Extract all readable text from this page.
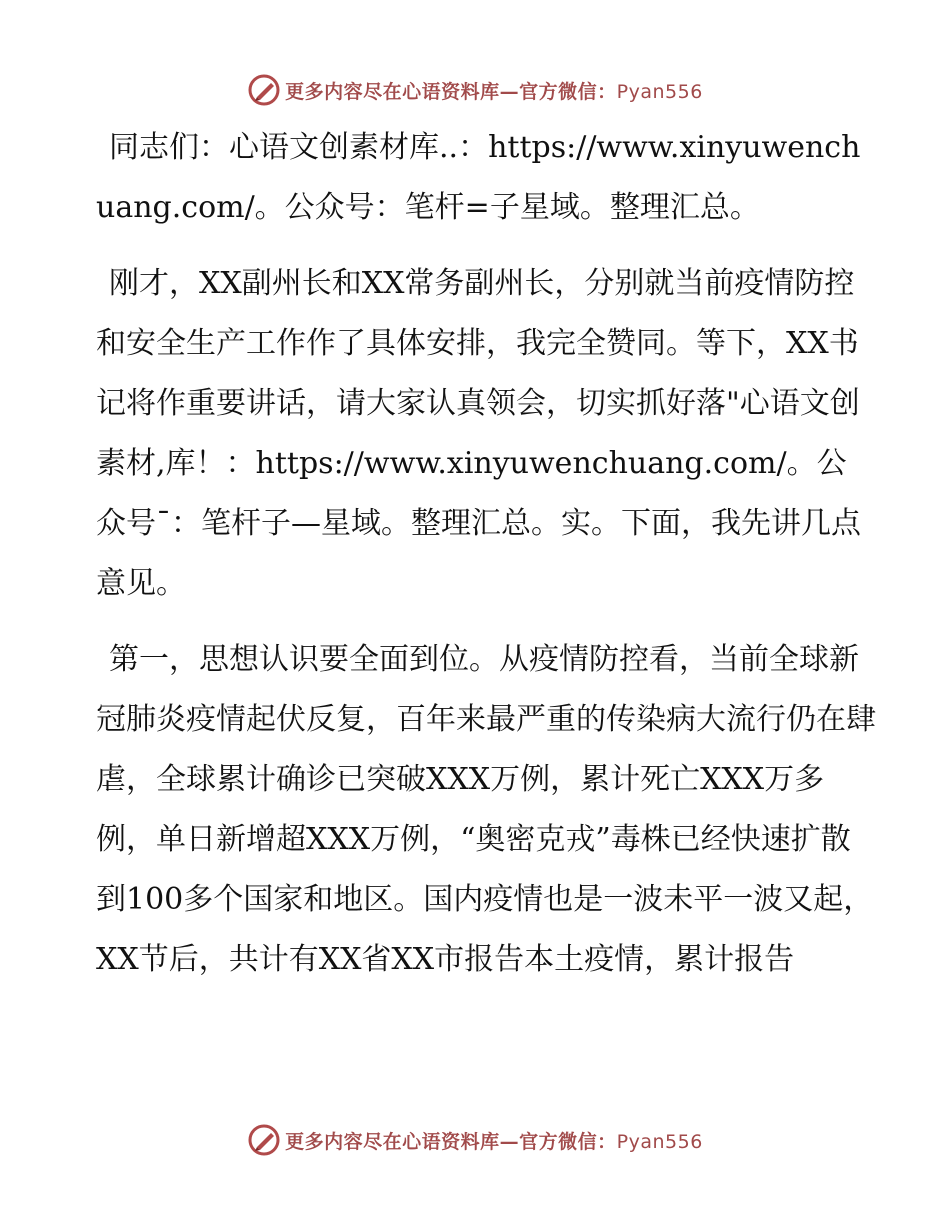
更多内容尽在心语资料库—官方微信：Pyan556

同志们：心语文创素材库..：https://www.xinyuwenchuang.com/。公众号：笔杆=子星域。整理汇总。

刚才，XX副州长和XX常务副州长，分别就当前疫情防控和安全生产工作作了具体安排，我完全赞同。等下，XX书记将作重要讲话，请大家认真领会，切实抓好落"心语文创素材,库！：https://www.xinyuwenchuang.com/。公众号ˉ：笔杆子—星域。整理汇总。实。下面，我先讲几点意见。

第一，思想认识要全面到位。从疫情防控看，当前全球新冠肺炎疫情起伏反复，百年来最严重的传染病大流行仍在肆虐，全球累计确诊已突破XXX万例，累计死亡XXX万多例，单日新增超XXX万例，“奥密克戎”毒株已经快速扩散到100多个国家和地区。国内疫情也是一波未平一波又起，XX节后，共计有XX省XX市报告本土疫情，累计报告

更多内容尽在心语资料库—官方微信：Pyan556
